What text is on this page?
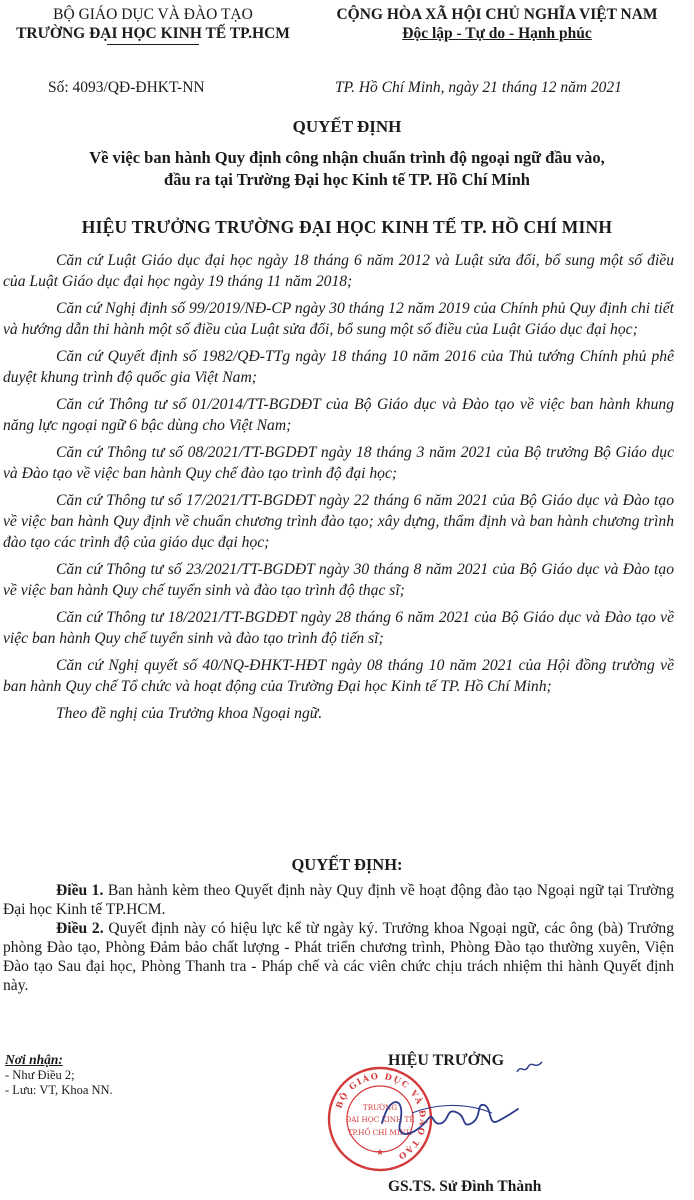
BỘ GIÁO DỤC VÀ ĐÀO TẠO
TRƯỜNG ĐẠI HỌC KINH TẾ TP.HCM
CỘNG HÒA XÃ HỘI CHỦ NGHĨA VIỆT NAM
Độc lập - Tự do - Hạnh phúc
Số: 4093/QĐ-ĐHKT-NN	TP. Hồ Chí Minh, ngày 21 tháng 12 năm 2021
QUYẾT ĐỊNH
Về việc ban hành Quy định công nhận chuẩn trình độ ngoại ngữ đầu vào,
đầu ra tại Trường Đại học Kinh tế TP. Hồ Chí Minh
HIỆU TRƯỞNG TRƯỜNG ĐẠI HỌC KINH TẾ TP. HỒ CHÍ MINH

Căn cứ Luật Giáo dục đại học ngày 18 tháng 6 năm 2012 và Luật sửa đổi, bổ sung một số điều của Luật Giáo dục đại học ngày 19 tháng 11 năm 2018;

Căn cứ Nghị định số 99/2019/NĐ-CP ngày 30 tháng 12 năm 2019 của Chính phủ Quy định chi tiết và hướng dẫn thi hành một số điều của Luật sửa đổi, bổ sung một số điều của Luật Giáo dục đại học;

Căn cứ Quyết định số 1982/QĐ-TTg ngày 18 tháng 10 năm 2016 của Thủ tướng Chính phủ phê duyệt khung trình độ quốc gia Việt Nam;

Căn cứ Thông tư số 01/2014/TT-BGDĐT của Bộ Giáo dục và Đào tạo về việc ban hành khung năng lực ngoại ngữ 6 bậc dùng cho Việt Nam;

Căn cứ Thông tư số 08/2021/TT-BGDĐT ngày 18 tháng 3 năm 2021 của Bộ trưởng Bộ Giáo dục và Đào tạo về việc ban hành Quy chế đào tạo trình độ đại học;

Căn cứ Thông tư số 17/2021/TT-BGDĐT ngày 22 tháng 6 năm 2021 của Bộ Giáo dục và Đào tạo về việc ban hành Quy định về chuẩn chương trình đào tạo; xây dựng, thẩm định và ban hành chương trình đào tạo các trình độ của giáo dục đại học;

Căn cứ Thông tư số 23/2021/TT-BGDĐT ngày 30 tháng 8 năm 2021 của Bộ Giáo dục và Đào tạo về việc ban hành Quy chế tuyển sinh và đào tạo trình độ thạc sĩ;

Căn cứ Thông tư 18/2021/TT-BGDĐT ngày 28 tháng 6 năm 2021 của Bộ Giáo dục và Đào tạo về việc ban hành Quy chế tuyển sinh và đào tạo trình độ tiến sĩ;

Căn cứ Nghị quyết số 40/NQ-ĐHKT-HĐT ngày 08 tháng 10 năm 2021 của Hội đồng trường về ban hành Quy chế Tổ chức và hoạt động của Trường Đại học Kinh tế TP. Hồ Chí Minh;

Theo đề nghị của Trưởng khoa Ngoại ngữ.

QUYẾT ĐỊNH:

Điều 1. Ban hành kèm theo Quyết định này Quy định về hoạt động đào tạo Ngoại ngữ tại Trường Đại học Kinh tế TP.HCM.

Điều 2. Quyết định này có hiệu lực kể từ ngày ký. Trưởng khoa Ngoại ngữ, các ông (bà) Trưởng phòng Đào tạo, Phòng Đảm bảo chất lượng - Phát triển chương trình, Phòng Đào tạo thường xuyên, Viện Đào tạo Sau đại học, Phòng Thanh tra - Pháp chế và các viên chức chịu trách nhiệm thi hành Quyết định này.

Nơi nhận:
- Như Điều 2;
- Lưu: VT, Khoa NN.
HIỆU TRƯỞNG
BỘ GIÁO DỤC VÀ ĐÀO TẠO
TRƯỜNG
ĐẠI HỌC KINH TẾ
TP.HỒ CHÍ MINH
★
GS.TS. Sử Đình Thành
